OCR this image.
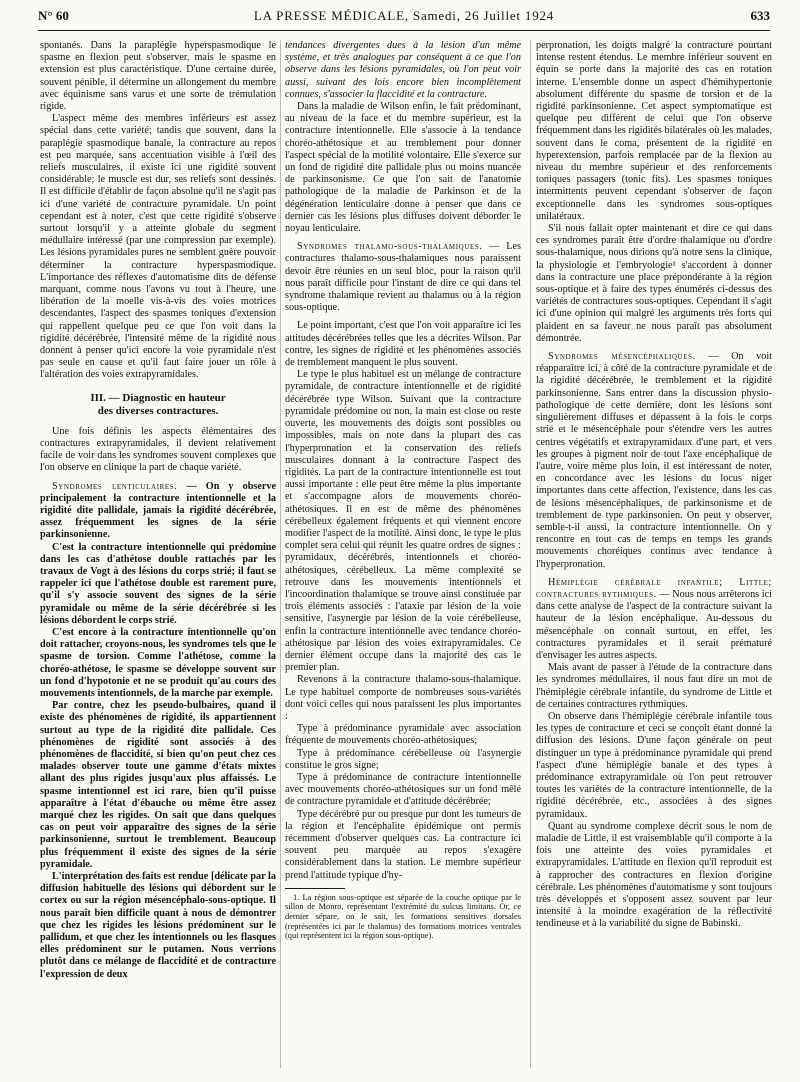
N° 60	LA PRESSE MÉDICALE, Samedi, 26 Juillet 1924	633

spontanés. Dans la paraplégie hyperspasmodique le spasme en flexion peut s'observer, mais le spasme en extension est plus caractéristique. D'une certaine durée, souvent pénible, il détermine un allongement du membre avec équinisme sans varus et une sorte de trémulation rigide.

L'aspect même des membres inférieurs est assez spécial dans cette variété; tandis que souvent, dans la paraplégie spasmodique banale, la contracture au repos est peu marquée, sans accentuation visible à l'œil des reliefs musculaires, il existe ici une rigidité souvent considérable; le muscle est dur, ses reliefs sont dessinés. Il est difficile d'établir de façon absolue qu'il ne s'agit pas ici d'une variété de contracture pyramidale. Un point cependant est à noter, c'est que cette rigidité s'observe surtout lorsqu'il y a atteinte globale du segment médullaire intéressé (par une compression par exemple). Les lésions pyramidales pures ne semblent guère pouvoir déterminer la contracture hyperspasmodique. L'importance des réflexes d'automatisme dits de défense marquant, comme nous l'avons vu tout à l'heure, une libération de la moelle vis-à-vis des voies motrices descendantes, l'aspect des spasmes toniques d'extension qui rappellent quelque peu ce que l'on voit dans la rigidité décérébrée, l'intensité même de la rigidité nous donnent à penser qu'ici encore la voie pyramidale n'est pas seule en cause et qu'il faut faire jouer un rôle à l'altération des voies extrapyramidales.

III. — Diagnostic en hauteur
des diverses contractures.

Une fois définis les aspects élémentaires des contractures extrapyramidales, il devient relativement facile de voir dans les syndromes souvent complexes que l'on observe en clinique la part de chaque variété.

Syndromes lenticulaires. — On y observe principalement la contracture intentionnelle et la rigidité dite pallidale, jamais la rigidité décérébrée, assez fréquemment les signes de la série parkinsonienne.

C'est la contracture intentionnelle qui prédomine dans les cas d'athétose double rattachés par les travaux de Vogt à des lésions du corps strié; il faut se rappeler ici que l'athétose double est rarement pure, qu'il s'y associe souvent des signes de la série pyramidale ou même de la série décérébrée si les lésions débordent le corps strié.

C'est encore à la contracture intentionnelle qu'on doit rattacher, croyons-nous, les syndromes tels que le spasme de torsion. Comme l'athétose, comme la choréo-athétose, le spasme se développe souvent sur un fond d'hypotonie et ne se produit qu'au cours des mouvements intentionnels, de la marche par exemple.

Par contre, chez les pseudo-bulbaires, quand il existe des phénomènes de rigidité, ils appartiennent surtout au type de la rigidité dite pallidale. Ces phénomènes de rigidité sont associés à des phénomènes de flaccidité, si bien qu'on peut chez ces malades observer toute une gamme d'états mixtes allant des plus rigides jusqu'aux plus affaissés. Le spasme intentionnel est ici rare, bien qu'il puisse apparaître à l'état d'ébauche ou même être assez marqué chez les rigides. On sait que dans quelques cas on peut voir apparaître des signes de la série parkinsonienne, surtout le tremblement. Beaucoup plus fréquemment il existe des signes de la série pyramidale.

L'interprétation des faits est rendue [délicate par la diffusion habituelle des lésions qui débordent sur le cortex ou sur la région mésencéphalo-sous-optique. Il nous paraît bien difficile quant à nous de démontrer que chez les rigides les lésions prédominent sur le pallidum, et que chez les intentionnels ou les flasques elles prédominent sur le putamen. Nous verrions plutôt dans ce mélange de flaccidité et de contracture l'expression de deux

tendances divergentes dues à la lésion d'un même système, et très analogues par conséquent à ce que l'on observe dans les lésions pyramidales, où l'on peut voir aussi, suivant des lois encore bien incomplètement connues, s'associer la flaccidité et la contracture.

Dans la maladie de Wilson enfin, le fait prédominant, au niveau de la face et du membre supérieur, est la contracture intentionnelle. Elle s'associe à la tendance choréo-athétosique et au tremblement pour donner l'aspect spécial de la motilité volontaire. Elle s'exerce sur un fond de rigidité dite pallidale plus ou moins nuancée de parkinsonisme. Ce que l'on sait de l'anatomie pathologique de la maladie de Parkinson et de la dégénération lenticulaire donne à penser que dans ce dernier cas les lésions plus diffuses doivent déborder le noyau lenticulaire.

Syndromes thalamo-sous-thalamiques. — Les contractures thalamo-sous-thalamiques nous paraissent devoir être réunies en un seul bloc, pour la raison qu'il nous paraît difficile pour l'instant de dire ce qui dans tel syndrome thalamique revient au thalamus ou à la région sous-optique.

Le point important, c'est que l'on voit apparaître ici les attitudes décérébrées telles que les a décrites Wilson. Par contre, les signes de rigidité et les phénomènes associés de tremblement manquent le plus souvent.

Le type le plus habituel est un mélange de contracture pyramidale, de contracture intentionnelle et de rigidité décérébrée type Wilson. Suivant que la contracture pyramidale prédomine ou non, la main est close ou reste ouverte, les mouvements des doigts sont possibles ou impossibles, mais on note dans la plupart des cas l'hyperpronation et la conservation des reliefs musculaires donnant à la contracture l'aspect des rigidités. La part de la contracture intentionnelle est tout aussi importante : elle peut être même la plus importante et s'accompagne alors de mouvements choréo-athétosiques. Il en est de même des phénomènes cérébelleux également fréquents et qui viennent encore modifier l'aspect de la motilité. Ainsi donc, le type le plus complet sera celui qui réunit les quatre ordres de signes : pyramidaux, décérébrés, intentionnels et choréo-athétosiques, cérébelleux. La même complexité se retrouve dans les mouvements intentionnels et l'incoordination thalamique se trouve ainsi constituée par trois éléments associés : l'ataxie par lésion de la voie sensitive, l'asynergie par lésion de la voie cérébelleuse, enfin la contracture intentionnelle avec tendance choréo-athétosique par lésion des voies extrapyramidales. Ce dernier élément occupe dans la majorité des cas le premier plan.

Revenons à la contracture thalamo-sous-thalamique. Le type habituel comporte de nombreuses sous-variétés dont voici celles qui nous paraissent les plus importantes :

Type à prédominance pyramidale avec association fréquente de mouvements choréo-athétosiques;

Type à prédominance cérébelleuse où l'asynergie constitue le gros signe;

Type à prédominance de contracture intentionnelle avec mouvements choréo-athétosiques sur un fond mêlé de contracture pyramidale et d'attitude décérébrée;

Type décérébré pur ou presque pur dont les tumeurs de la région et l'encéphalite épidémique ont permis récemment d'observer quelques cas. La contracture ici souvent peu marquée au repos s'exagère considérablement dans la station. Le membre supérieur prend l'attitude typique d'hy-

1. La région sous-optique est séparée de la couche optique par le sillon de Monro, représentant l'extrémité du sulcus limitans. Or, ce dernier sépare, on le sait, les formations sensitives dorsales (représentées ici par le thalamus) des formations motrices ventrales (qui représentent ici la région sous-optique).

perpronation, les doigts malgré la contracture pourtant intense restent étendus. Le membre inférieur souvent en équin se porte dans la majorité des cas en rotation interne. L'ensemble donne un aspect d'hémihypertonie absolument différente du spasme de torsion et de la rigidité parkinsonienne. Cet aspect symptomatique est quelque peu différent de celui que l'on observe fréquemment dans les rigidités bilatérales où les malades, souvent dans le coma, présentent de la rigidité en hyperextension, parfois remplacée par de la flexion au niveau du membre supérieur et des renforcements toniques passagers (tonic fits). Les spasmes toniques intermittents peuvent cependant s'observer de façon exceptionnelle dans les syndromes sous-optiques unilatéraux.

S'il nous fallait opter maintenant et dire ce qui dans ces syndromes paraît être d'ordre thalamique ou d'ordre sous-thalamique, nous dirions qu'à notre sens la clinique, la physiologie et l'embryologie¹ s'accordent à donner dans la contracture une place prépondérante à la région sous-optique et à faire des types énumérés ci-dessus des variétés de contractures sous-optiques. Cependant il s'agit ici d'une opinion qui malgré les arguments très forts qui plaident en sa faveur ne nous paraît pas absolument démontrée.

Syndromes mésencéphaliques. — On voit réapparaître ici, à côté de la contracture pyramidale et de la rigidité décérébrée, le tremblement et la rigidité parkinsonienne. Sans entrer dans la discussion physio-pathologique de cette dernière, dont les lésions sont singulièrement diffuses et dépassent à la fois le corps strié et le mésencéphale pour s'étendre vers les autres centres végétatifs et extrapyramidaux d'une part, et vers les groupes à pigment noir de tout l'axe encéphalique de l'autre, voire même plus loin, il est intéressant de noter, en concordance avec les lésions du locus niger importantes dans cette affection, l'existence, dans les cas de lésions mésencéphaliques, de parkinsonisme et de tremblement de type parkinsonien. On peut y observer, semble-t-il aussi, la contracture intentionnelle. On y rencontre en tout cas de temps en temps les grands mouvements choréiques continus avec tendance à l'hyperpronation.

Hémiplégie cérébrale infantile; Little; contractures rythmiques. — Nous nous arrêterons ici dans cette analyse de l'aspect de la contracture suivant la hauteur de la lésion encéphalique. Au-dessous du mésencéphale on connaît surtout, en effet, les contractures pyramidales et il serait prématuré d'envisager les autres aspects.

Mais avant de passer à l'étude de la contracture dans les syndromes médullaires, il nous faut dire un mot de l'hémiplégie cérébrale infantile, du syndrome de Little et de certaines contractures rythmiques.

On observe dans l'hémiplégie cérébrale infantile tous les types de contracture et ceci se conçoit étant donné la diffusion des lésions. D'une façon générale on peut distinguer un type à prédominance pyramidale qui prend l'aspect d'une hémiplégie banale et des types à prédominance extrapyramidale où l'on peut retrouver toutes les variétés de la contracture intentionnelle, de la rigidité décérébrée, etc., associées à des signes pyramidaux.

Quant au syndrome complexe décrit sous le nom de maladie de Little, il est vraisemblable qu'il comporte à la fois une atteinte des voies pyramidales et extrapyramidales. L'attitude en flexion qu'il reproduit est à rapprocher des contractures en flexion d'origine cérébrale. Les phénomènes d'automatisme y sont toujours très développés et s'opposent assez souvent par leur intensité à la moindre exagération de la réflectivité tendineuse et à la variabilité du signe de Babinski.
